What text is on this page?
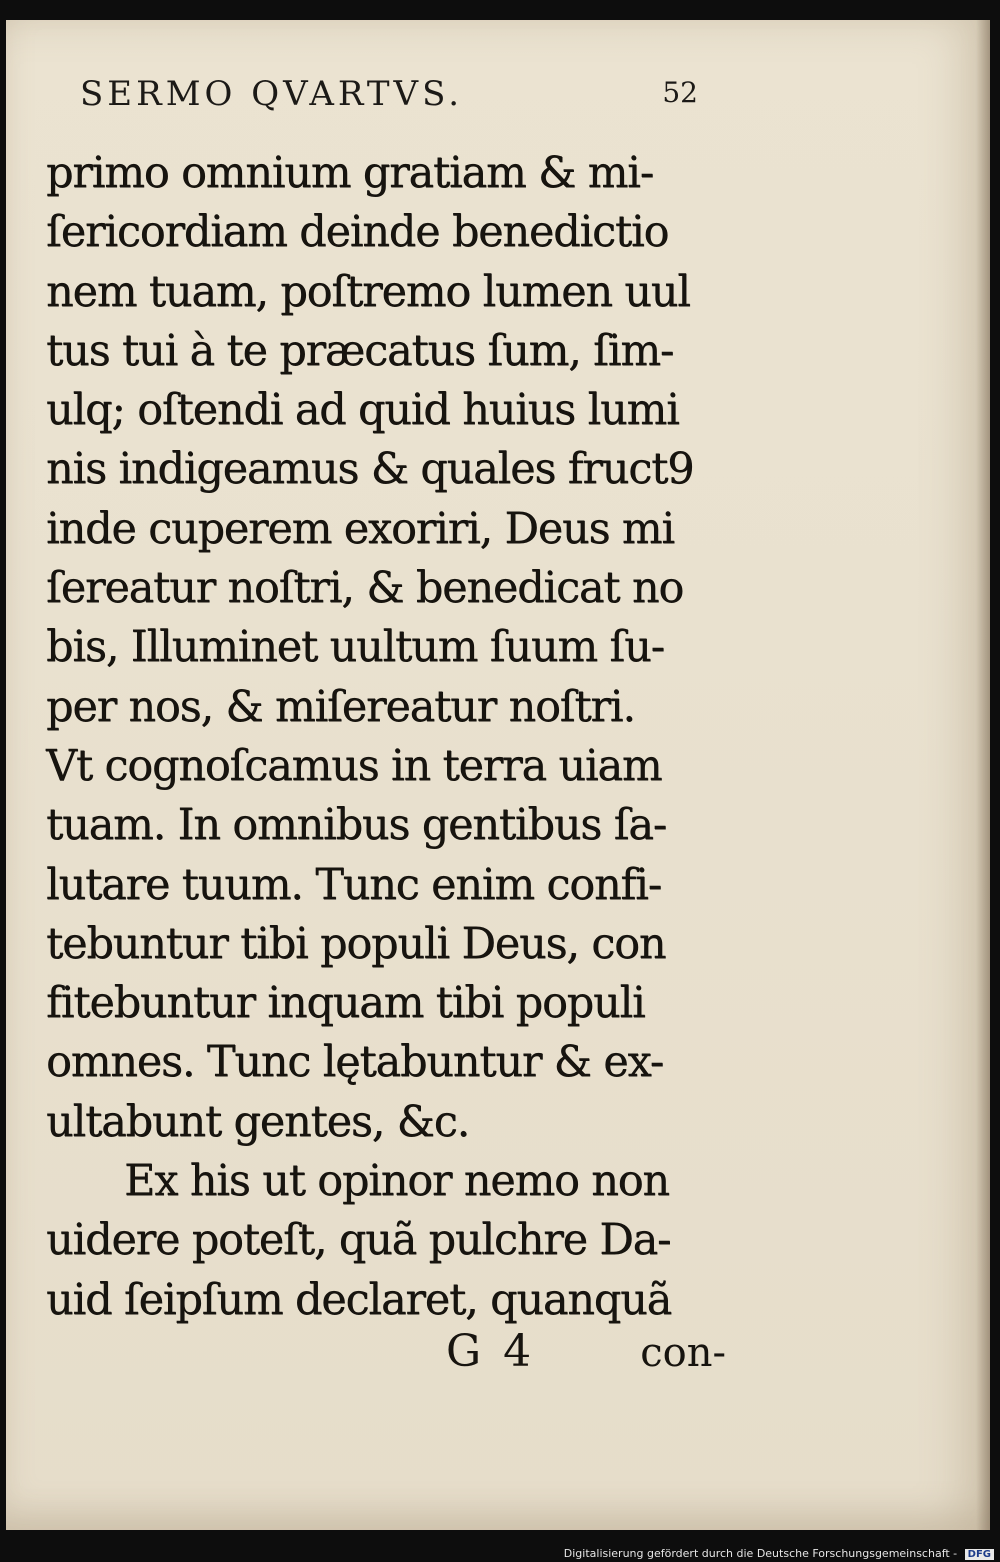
SERMO QVARTVS.	52
primo omnium gratiam & mi-
ſericordiam deinde benedictio
nem tuam, poſtremo lumen uul
tus tui à te præcatus ſum, ſim-
ulq; oſtendi ad quid huius lumi
nis indigeamus & quales fruct9
inde cuperem exoriri, Deus mi
ſereatur noſtri, & benedicat no
bis, Illuminet uultum ſuum ſu-
per nos, & miſereatur noſtri.
Vt cognoſcamus in terra uiam
tuam. In omnibus gentibus ſa-
lutare tuum. Tunc enim confi-
tebuntur tibi populi Deus, con
fitebuntur inquam tibi populi
omnes. Tunc lętabuntur & ex-
ultabunt gentes, &c.
Ex his ut opinor nemo non
uidere poteſt, quã pulchre Da-
uid ſeipſum declaret, quanquã
G 4	con-
Digitalisierung gefördert durch die Deutsche Forschungsgemeinschaft - DFG
